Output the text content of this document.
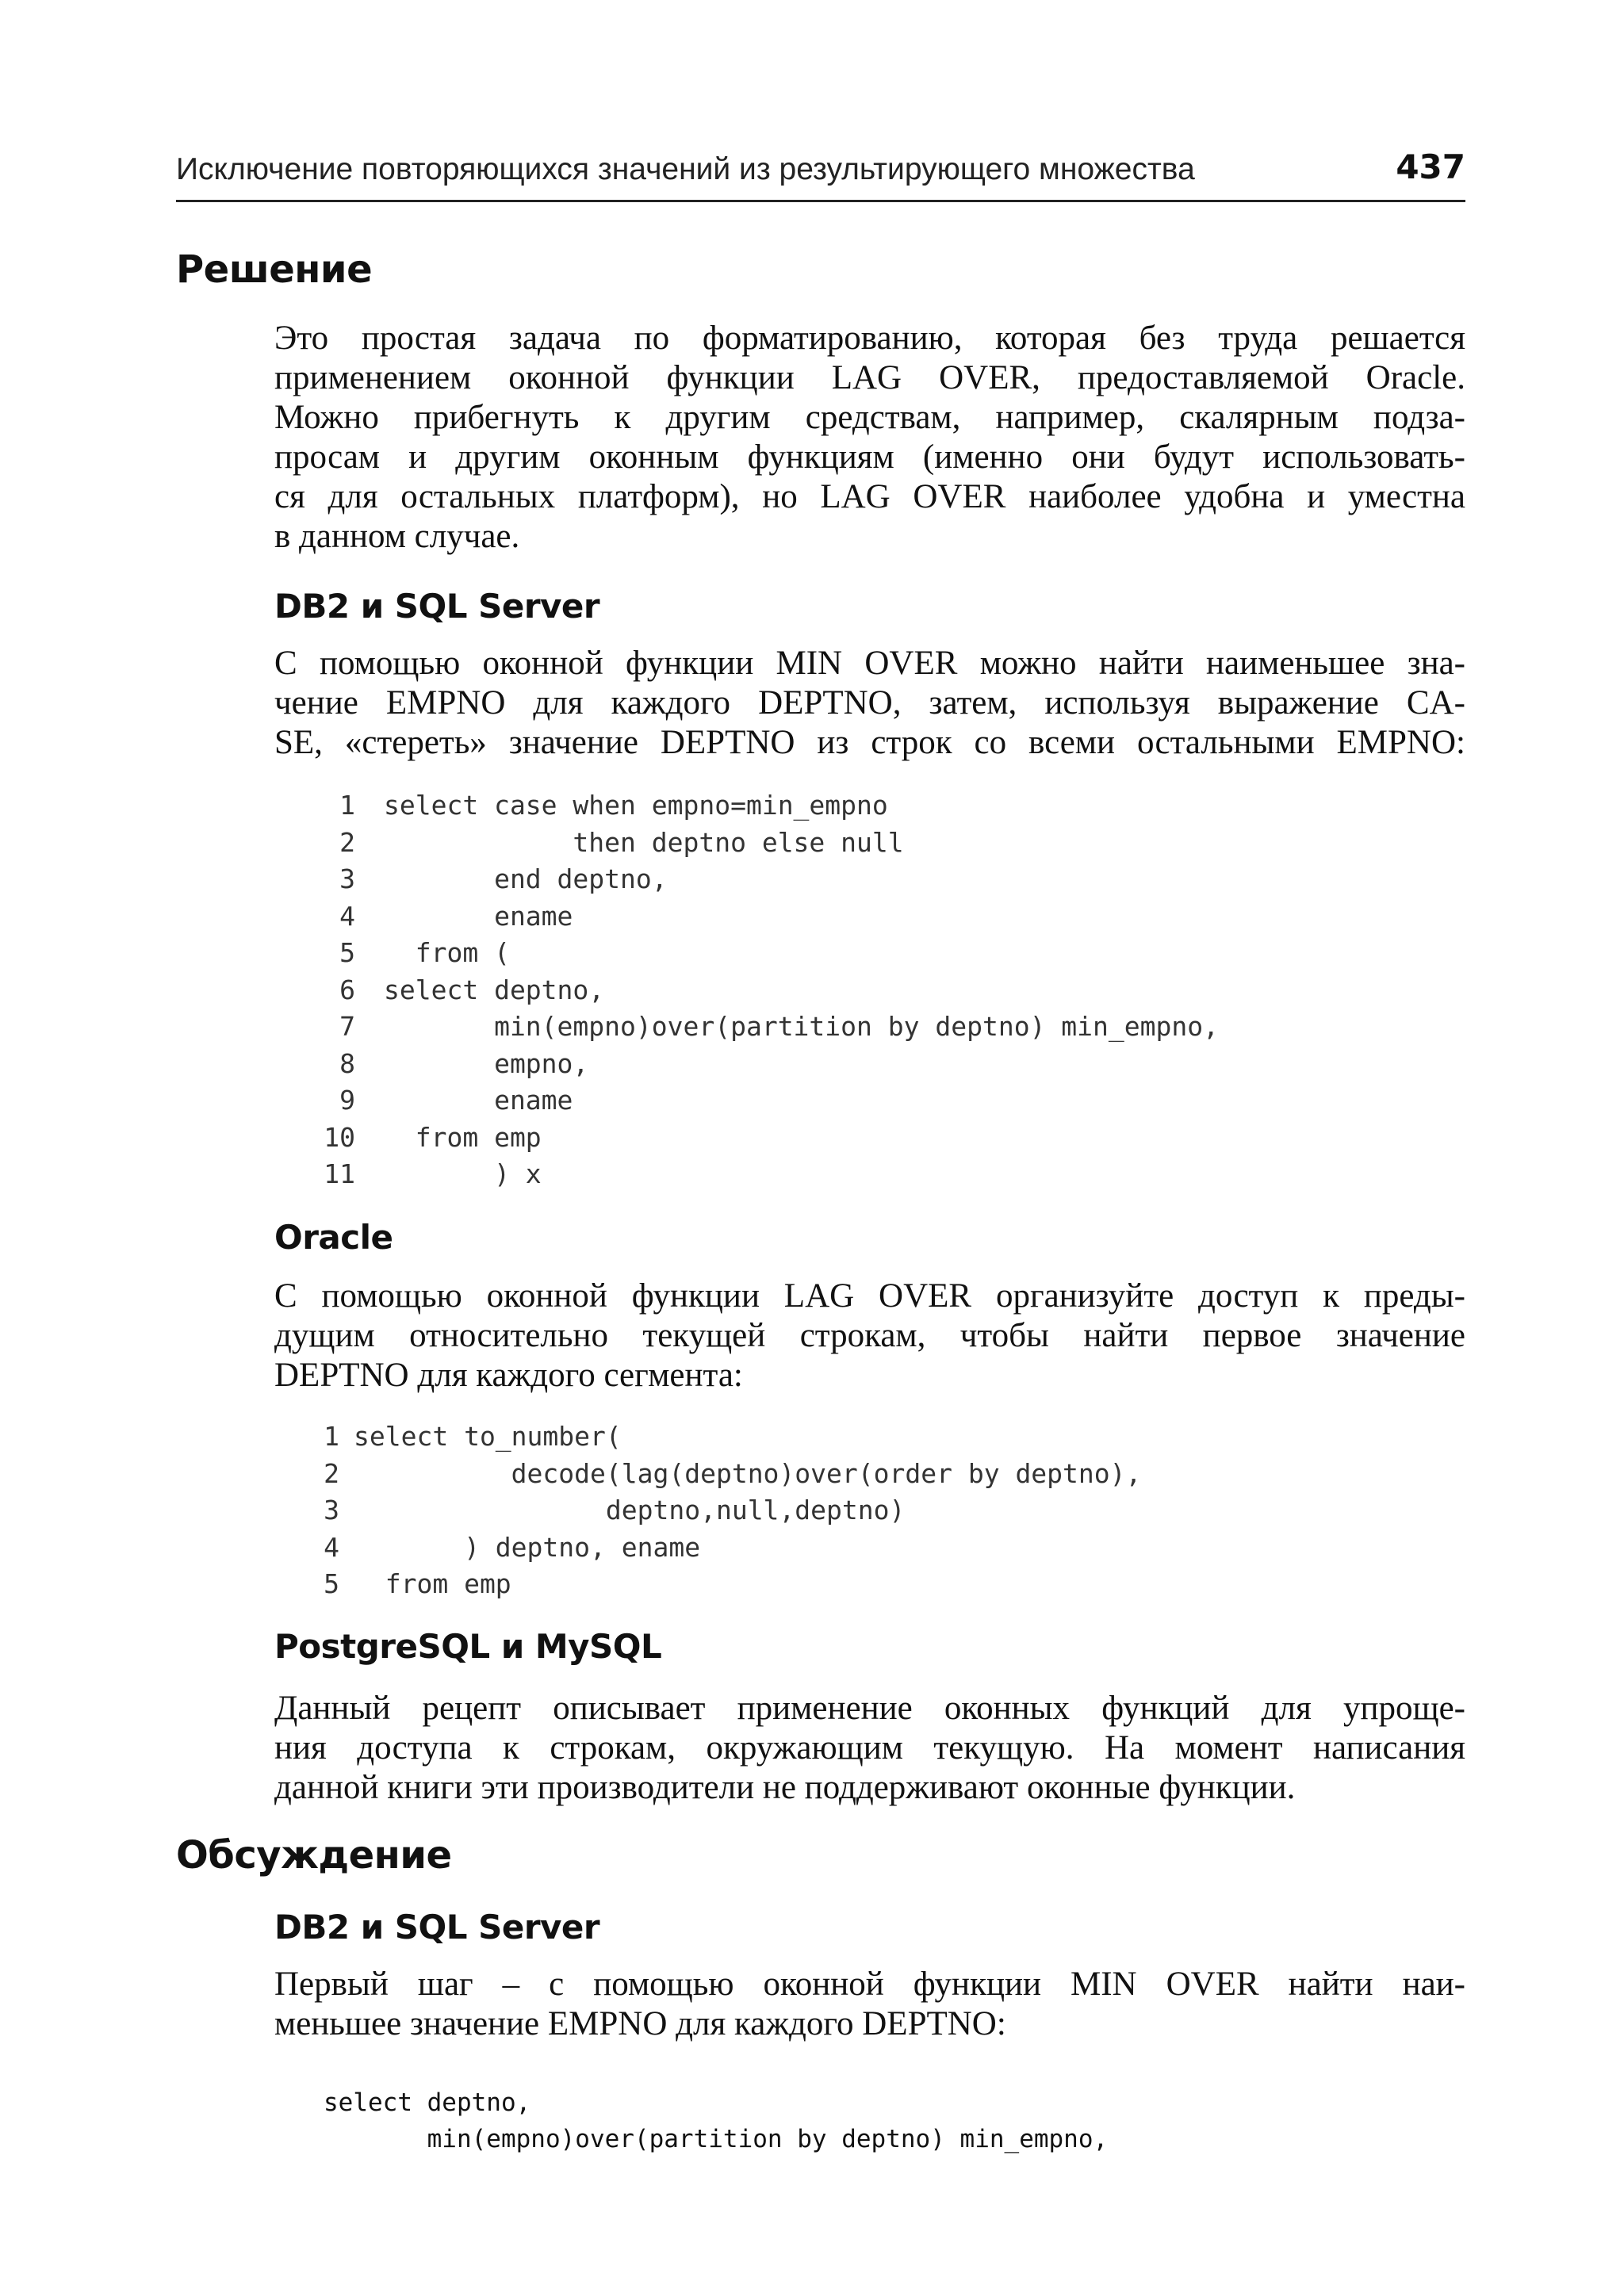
Исключение повторяющихся значений из результирующего множества	437
Решение
Это простая задача по форматированию, которая без труда решается
применением оконной функции LAG OVER, предоставляемой Oracle.
Можно прибегнуть к другим средствам, например, скалярным подза-
просам и другим оконным функциям (именно они будут использовать-
ся для остальных платформ), но LAG OVER наиболее удобна и уместна
в данном случае.
DB2 и SQL Server
С помощью оконной функции MIN OVER можно найти наименьшее зна-
чение EMPNO для каждого DEPTNO, затем, используя выражение CA-
SE, «стереть» значение DEPTNO из строк со всеми остальными EMPNO:
1 select case when empno=min_empno
2 then deptno else null
3 end deptno,
4 ename
5 from (
6 select deptno,
7 min(empno)over(partition by deptno) min_empno,
8 empno,
9 ename
10 from emp
11 ) x
Oracle
С помощью оконной функции LAG OVER организуйте доступ к преды-
дущим относительно текущей строкам, чтобы найти первое значение
DEPTNO для каждого сегмента:
1 select to_number(
2 decode(lag(deptno)over(order by deptno),
3 deptno,null,deptno)
4 ) deptno, ename
5 from emp
PostgreSQL и MySQL
Данный рецепт описывает применение оконных функций для упроще-
ния доступа к строкам, окружающим текущую. На момент написания
данной книги эти производители не поддерживают оконные функции.
Обсуждение
DB2 и SQL Server
Первый шаг – с помощью оконной функции MIN OVER найти наи-
меньшее значение EMPNO для каждого DEPTNO:
select deptno,
min(empno)over(partition by deptno) min_empno,
